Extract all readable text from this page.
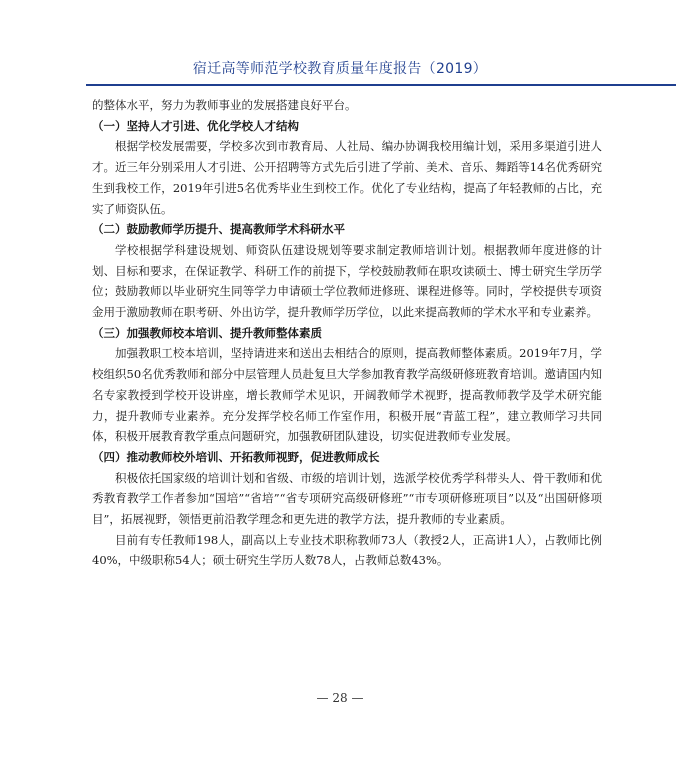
宿迁高等师范学校教育质量年度报告（2019）

的整体水平，努力为教师事业的发展搭建良好平台。

（一）坚持人才引进、优化学校人才结构

根据学校发展需要，学校多次到市教育局、人社局、编办协调我校用编计划，采用多渠道引进人才。近三年分别采用人才引进、公开招聘等方式先后引进了学前、美术、音乐、舞蹈等14名优秀研究生到我校工作，2019年引进5名优秀毕业生到校工作。优化了专业结构，提高了年轻教师的占比，充实了师资队伍。

（二）鼓励教师学历提升、提高教师学术科研水平

学校根据学科建设规划、师资队伍建设规划等要求制定教师培训计划。根据教师年度进修的计划、目标和要求，在保证教学、科研工作的前提下，学校鼓励教师在职攻读硕士、博士研究生学历学位；鼓励教师以毕业研究生同等学力申请硕士学位教师进修班、课程进修等。同时，学校提供专项资金用于激励教师在职考研、外出访学，提升教师学历学位，以此来提高教师的学术水平和专业素养。

（三）加强教师校本培训、提升教师整体素质

加强教职工校本培训，坚持请进来和送出去相结合的原则，提高教师整体素质。2019年7月，学校组织50名优秀教师和部分中层管理人员赴复旦大学参加教育教学高级研修班教育培训。邀请国内知名专家教授到学校开设讲座，增长教师学术见识，开阔教师学术视野，提高教师教学及学术研究能力，提升教师专业素养。充分发挥学校名师工作室作用，积极开展“青蓝工程”，建立教师学习共同体，积极开展教育教学重点问题研究，加强教研团队建设，切实促进教师专业发展。

（四）推动教师校外培训、开拓教师视野，促进教师成长

积极依托国家级的培训计划和省级、市级的培训计划，选派学校优秀学科带头人、骨干教师和优秀教育教学工作者参加“国培”“省培”“省专项研究高级研修班”“市专项研修班项目”以及“出国研修项目”，拓展视野，领悟更前沿教学理念和更先进的教学方法，提升教师的专业素质。

目前有专任教师198人，副高以上专业技术职称教师73人（教授2人，正高讲1人），占教师比例40%，中级职称54人；硕士研究生学历人数78人，占教师总数43%。

— 28 —
